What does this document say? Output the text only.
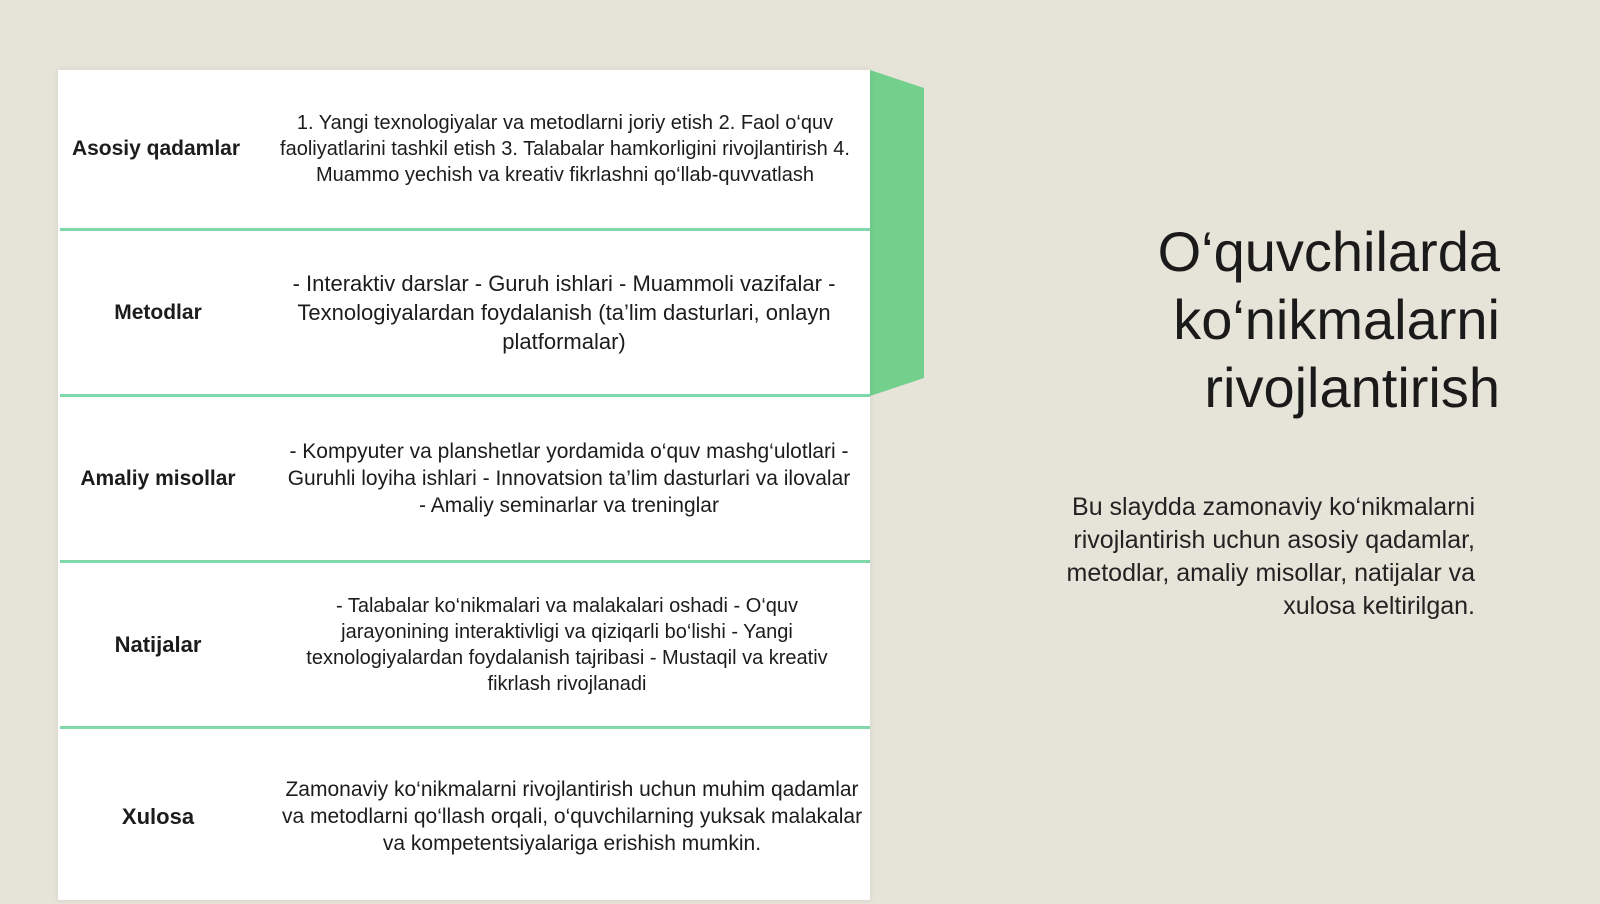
Asosiy qadamlar
1. Yangi texnologiyalar va metodlarni joriy etish 2. Faol o‘quv faoliyatlarini tashkil etish 3. Talabalar hamkorligini rivojlantirish 4. Muammo yechish va kreativ fikrlashni qo‘llab-quvvatlash
Metodlar
- Interaktiv darslar - Guruh ishlari - Muammoli vazifalar - Texnologiyalardan foydalanish (ta’lim dasturlari, onlayn platformalar)
Amaliy misollar
- Kompyuter va planshetlar yordamida o‘quv mashg‘ulotlari - Guruhli loyiha ishlari - Innovatsion ta’lim dasturlari va ilovalar - Amaliy seminarlar va treninglar
Natijalar
- Talabalar ko‘nikmalari va malakalari oshadi - O‘quv jarayonining interaktivligi va qiziqarli bo‘lishi - Yangi texnologiyalardan foydalanish tajribasi - Mustaqil va kreativ fikrlash rivojlanadi
Xulosa
Zamonaviy ko‘nikmalarni rivojlantirish uchun muhim qadamlar va metodlarni qo‘llash orqali, o‘quvchilarning yuksak malakalar va kompetentsiyalariga erishish mumkin.
O‘quvchilarda ko‘nikmalarni rivojlantirish
Bu slaydda zamonaviy ko‘nikmalarni rivojlantirish uchun asosiy qadamlar, metodlar, amaliy misollar, natijalar va xulosa keltirilgan.
